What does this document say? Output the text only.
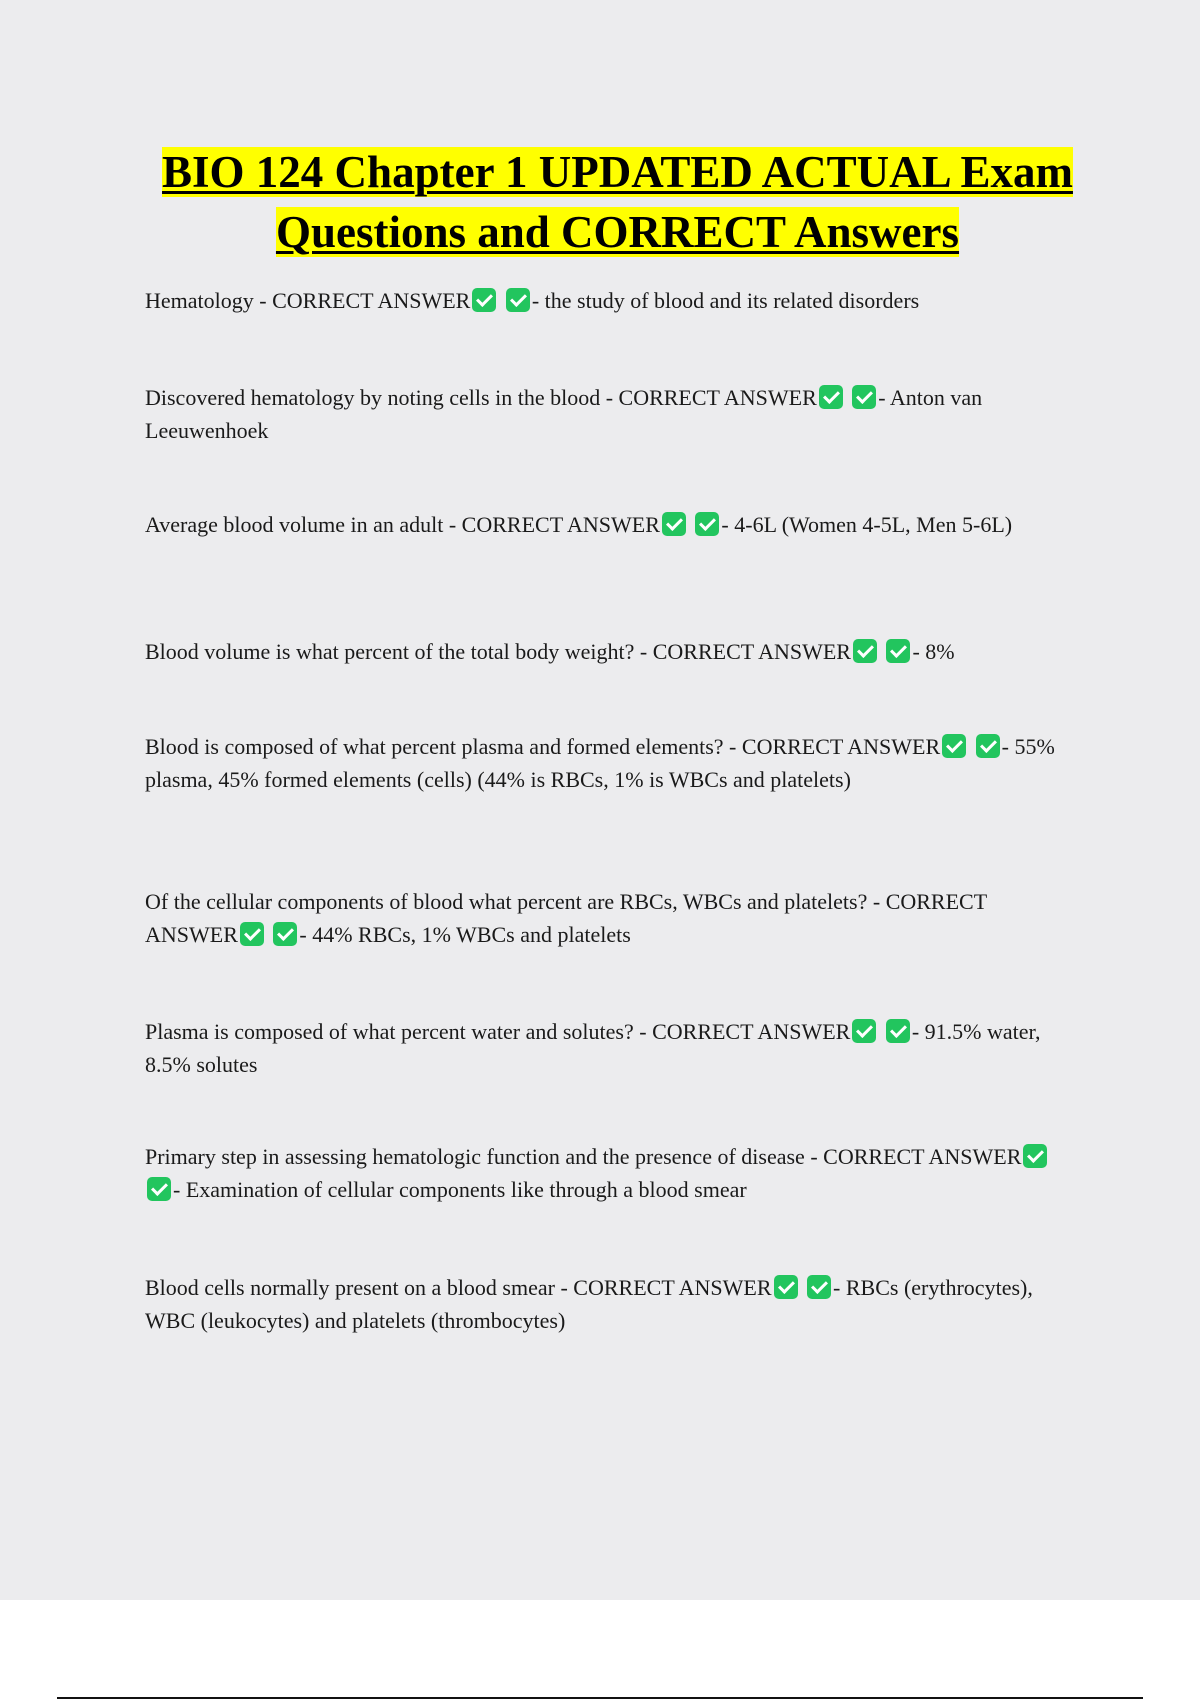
BIO 124 Chapter 1 UPDATED ACTUAL Exam Questions and CORRECT Answers

Hematology - CORRECT ANSWER	- the study of blood and its related disorders

Discovered hematology by noting cells in the blood - CORRECT ANSWER	- Anton van Leeuwenhoek

Average blood volume in an adult - CORRECT ANSWER	- 4-6L (Women 4-5L, Men 5-6L)

Blood volume is what percent of the total body weight? - CORRECT ANSWER	- 8%

Blood is composed of what percent plasma and formed elements? - CORRECT ANSWER	- 55% plasma, 45% formed elements (cells) (44% is RBCs, 1% is WBCs and platelets)

Of the cellular components of blood what percent are RBCs, WBCs and platelets? - CORRECT ANSWER	- 44% RBCs, 1% WBCs and platelets

Plasma is composed of what percent water and solutes? - CORRECT ANSWER	- 91.5% water, 8.5% solutes

Primary step in assessing hematologic function and the presence of disease - CORRECT ANSWER - Examination of cellular components like through a blood smear

Blood cells normally present on a blood smear - CORRECT ANSWER	- RBCs (erythrocytes), WBC (leukocytes) and platelets (thrombocytes)
